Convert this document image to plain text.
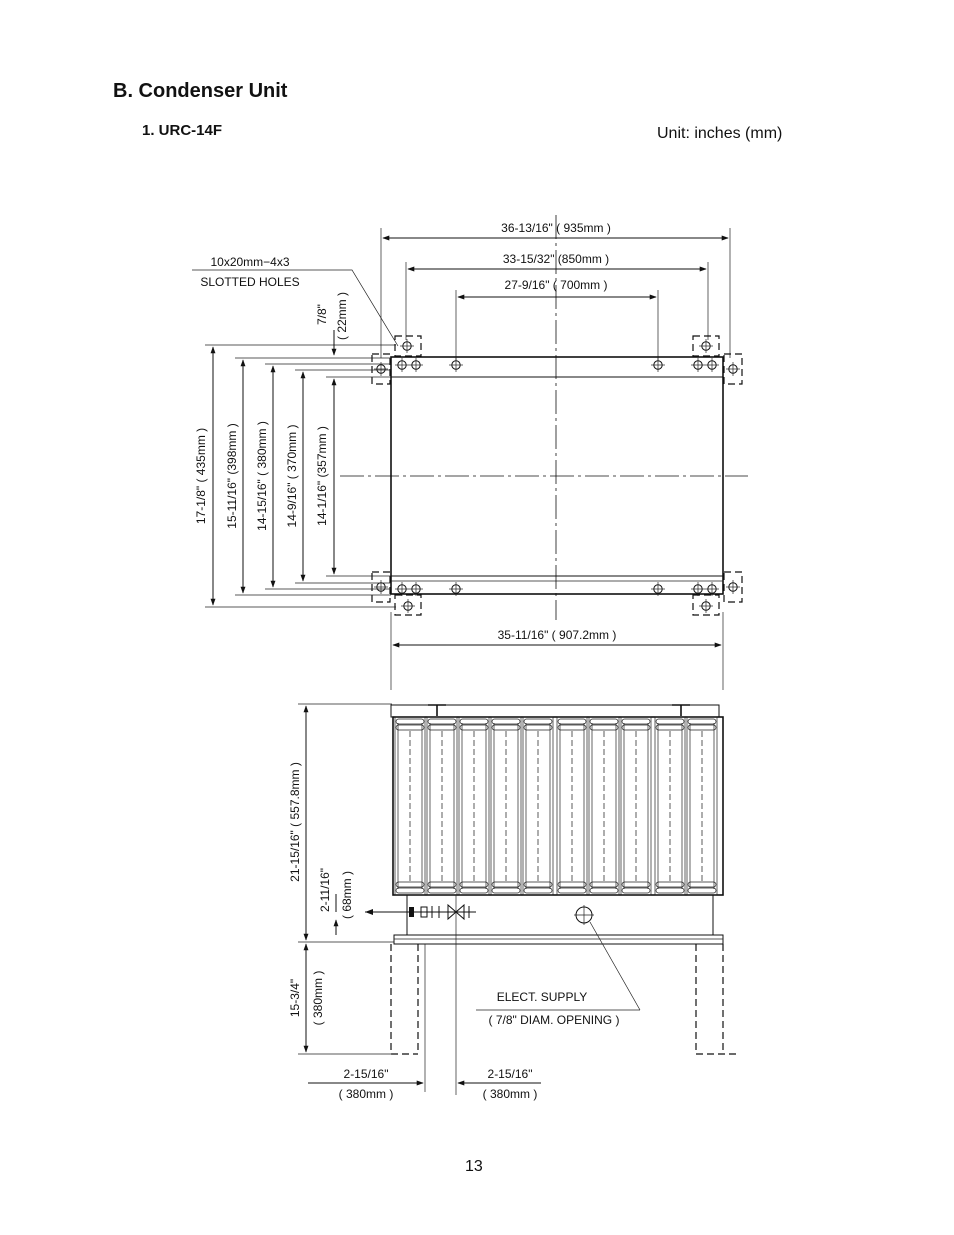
B. Condenser Unit
1. URC-14F	Unit: inches (mm)
36-13/16" ( 935mm )
33-15/32" (850mm )
27-9/16" ( 700mm )
10x20mm−4x3
SLOTTED HOLES
7/8" ( 22mm )
17-1/8" ( 435mm ) 15-11/16" (398mm ) 14-15/16" ( 380mm ) 14-9/16" ( 370mm ) 14-1/16" (357mm )
35-11/16" ( 907.2mm )
21-15/16" ( 557.8mm )
2-11/16" ( 68mm )
15-3/4" ( 380mm )	ELECT. SUPPLY
( 7/8" DIAM. OPENING )
2-15/16"
( 380mm )
2-15/16"
( 380mm )
13
